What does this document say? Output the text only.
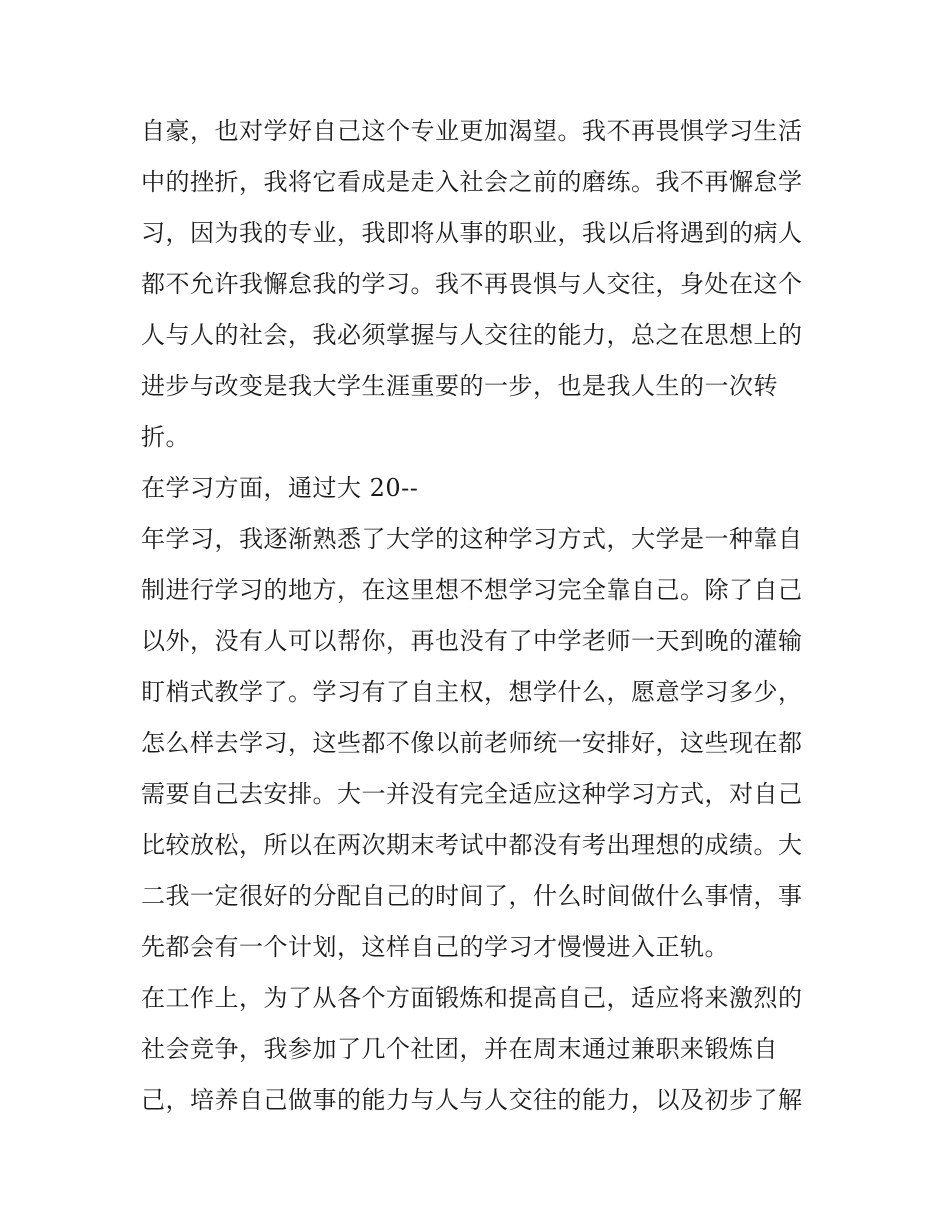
自豪，也对学好自己这个专业更加渴望。我不再畏惧学习生活
中的挫折，我将它看成是走入社会之前的磨练。我不再懈怠学
习，因为我的专业，我即将从事的职业，我以后将遇到的病人
都不允许我懈怠我的学习。我不再畏惧与人交往，身处在这个
人与人的社会，我必须掌握与人交往的能力，总之在思想上的
进步与改变是我大学生涯重要的一步，也是我人生的一次转
折。
在学习方面，通过大 20--
年学习，我逐渐熟悉了大学的这种学习方式，大学是一种靠自
制进行学习的地方，在这里想不想学习完全靠自己。除了自己
以外，没有人可以帮你，再也没有了中学老师一天到晚的灌输
盯梢式教学了。学习有了自主权，想学什么，愿意学习多少，
怎么样去学习，这些都不像以前老师统一安排好，这些现在都
需要自己去安排。大一并没有完全适应这种学习方式，对自己
比较放松，所以在两次期末考试中都没有考出理想的成绩。大
二我一定很好的分配自己的时间了，什么时间做什么事情，事
先都会有一个计划，这样自己的学习才慢慢进入正轨。
在工作上，为了从各个方面锻炼和提高自己，适应将来激烈的
社会竞争，我参加了几个社团，并在周末通过兼职来锻炼自
己，培养自己做事的能力与人与人交往的能力，以及初步了解
